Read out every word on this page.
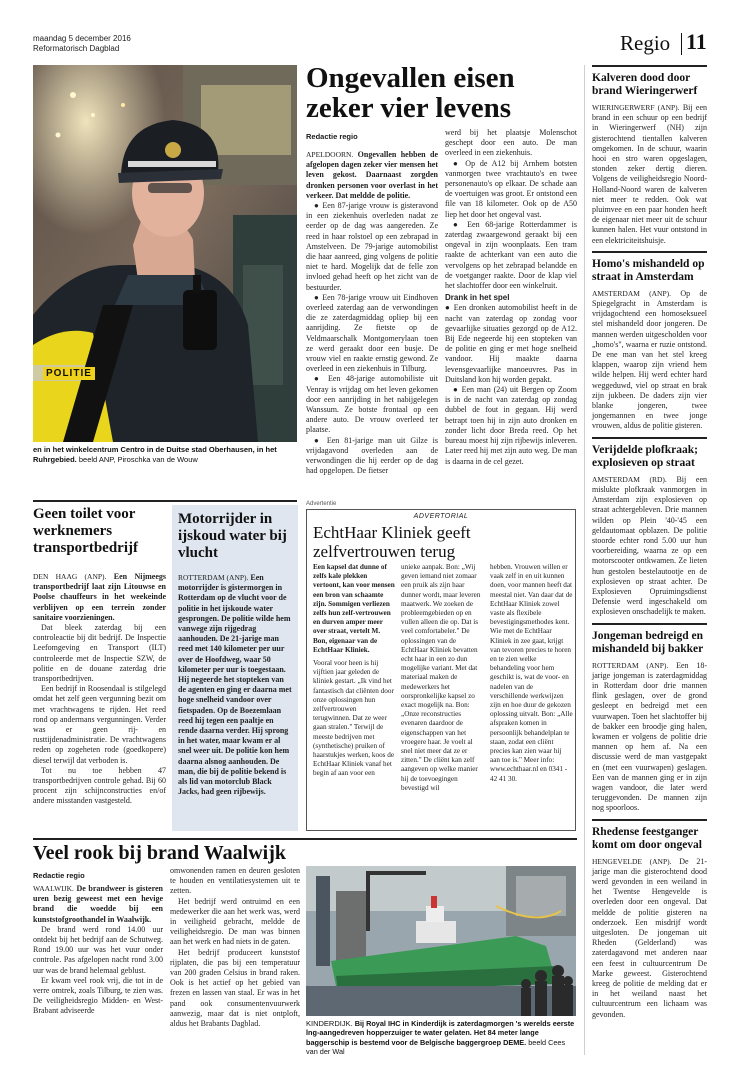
maandag 5 december 2016
Reformatorisch Dagblad	Regio 11
POLITIE
en in het winkelcentrum Centro in de Duitse stad Oberhausen, in het Ruhrgebied. beeld ANP, Piroschka van de Wouw
Ongevallen eisen zeker vier levens
Redactie regio

APELDOORN. Ongevallen hebben de afgelopen dagen zeker vier mensen het leven gekost. Daarnaast zorgden dronken personen voor overlast in het verkeer. Dat meldde de politie.

● Een 87-jarige vrouw is gisteravond in een ziekenhuis overleden nadat ze eerder op de dag was aangereden. Ze reed in haar rolstoel op een zebrapad in Amstelveen. De 79-jarige automobilist die haar aanreed, ging volgens de politie niet te hard. Mogelijk dat de felle zon invloed gehad heeft op het zicht van de bestuurder.

● Een 78-jarige vrouw uit Eindhoven overleed zaterdag aan de verwondingen die ze zaterdagmiddag opliep bij een aanrijding. Ze fietste op de Veldmaarschalk Montgomerylaan toen ze werd geraakt door een busje. De vrouw viel en raakte ernstig gewond. Ze overleed in een ziekenhuis in Tilburg.

● Een 48-jarige automobiliste uit Venray is vrijdag om het leven gekomen door een aanrijding in het nabijgelegen Wanssum. Ze botste frontaal op een andere auto. De vrouw overleed ter plaatse.

● Een 81-jarige man uit Gilze is vrijdagavond overleden aan de verwondingen die hij eerder op de dag had opgelopen. De fietser

werd bij het plaatsje Molenschot geschept door een auto. De man overleed in een ziekenhuis.

● Op de A12 bij Arnhem botsten vanmorgen twee vrachtauto's en twee personenauto's op elkaar. De schade aan de voertuigen was groot. Er ontstond een file van 18 kilometer. Ook op de A50 liep het door het ongeval vast.

● Een 68-jarige Rotterdammer is zaterdag zwaargewond geraakt bij een ongeval in zijn woonplaats. Een tram raakte de achterkant van een auto die vervolgens op het zebrapad belandde en de voetganger raakte. Door de klap viel het slachtoffer door een winkelruit.

Drank in het spel

● Een dronken automobilist heeft in de nacht van zaterdag op zondag voor gevaarlijke situaties gezorgd op de A12. Bij Ede negeerde hij een stopteken van de politie en ging er met hoge snelheid vandoor. Hij maakte daarna levensgevaarlijke manoeuvres. Pas in Duitsland kon hij worden gepakt.

● Een man (24) uit Bergen op Zoom is in de nacht van zaterdag op zondag dubbel de fout in gegaan. Hij werd betrapt toen hij in zijn auto dronken en zonder licht door Breda reed. Op het bureau moest hij zijn rijbewijs inleveren. Later reed hij met zijn auto weg. De man is daarna in de cel gezet.

Kalveren dood door brand Wieringerwerf
WIERINGERWERF (ANP). Bij een brand in een schuur op een bedrijf in Wieringerwerf (NH) zijn gisterochtend tientallen kalveren omgekomen. In de schuur, waarin hooi en stro waren opgeslagen, stonden zeker dertig dieren. Volgens de veiligheidsregio Noord-Holland-Noord waren de kalveren niet meer te redden. Ook wat pluimvee en een paar honden heeft de eigenaar niet meer uit de schuur kunnen halen. Het vuur ontstond in een elektriciteitshuisje.
Homo's mishandeld op straat in Amsterdam
AMSTERDAM (ANP). Op de Spiegelgracht in Amsterdam is vrijdagochtend een homoseksueel stel mishandeld door jongeren. De mannen werden uitgescholden voor „homo's", waarna er ruzie ontstond. De ene man van het stel kreeg klappen, waarop zijn vriend hem wilde helpen. Hij werd echter hard weggeduwd, viel op straat en brak zijn jukbeen. De daders zijn vier blanke jongeren, twee jongemannen en twee jonge vrouwen, aldus de politie gisteren.
Verijdelde plofkraak; explosieven op straat
AMSTERDAM (RD). Bij een mislukte plofkraak vanmorgen in Amsterdam zijn explosieven op straat achtergebleven. Drie mannen wilden op Plein '40-'45 een geldautomaat opblazen. De politie stoorde echter rond 5.00 uur hun voorbereiding, waarna ze op een motorscooter ontkwamen. Ze lieten hun gestolen bestelautootje en de explosieven op straat achter. De Explosieven Opruimingsdienst Defensie werd ingeschakeld om explosieven onschadelijk te maken.
Jongeman bedreigd en mishandeld bij bakker
ROTTERDAM (ANP). Een 18-jarige jongeman is zaterdagmiddag in Rotterdam door drie mannen flink geslagen, over de grond gesleept en bedreigd met een vuurwapen. Toen het slachtoffer bij de bakker een broodje ging halen, kwamen er volgens de politie drie mannen op hem af. Na een discussie werd de man vastgepakt en (met een vuurwapen) geslagen. Een van de mannen ging er in zijn wagen vandoor, die later werd teruggevonden. De mannen zijn nog spoorloos.
Rhedense feestganger komt om door ongeval
HENGEVELDE (ANP). De 21-jarige man die gisterochtend dood werd gevonden in een weiland in het Twentse Hengevelde is overleden door een ongeval. Dat meldde de politie gisteren na onderzoek. Een misdrijf wordt uitgesloten. De jongeman uit Rheden (Gelderland) was zaterdagavond met anderen naar een feest in cultuurcentrum De Marke geweest. Gisterochtend kreeg de politie de melding dat er in het weiland naast het cultuurcentrum een lichaam was gevonden.
Geen toilet voor werknemers transportbedrijf

DEN HAAG (ANP). Een Nijmeegs transportbedrijf laat zijn Litouwse en Poolse chauffeurs in het weekeinde verblijven op een terrein zonder sanitaire voorzieningen.

Dat bleek zaterdag bij een controleactie bij dit bedrijf. De Inspectie Leefomgeving en Transport (ILT) controleerde met de Inspectie SZW, de politie en de douane zaterdag drie transportbedrijven.

Een bedrijf in Roosendaal is stilgelegd omdat het zelf geen vergunning bezit om met vrachtwagens te rijden. Het reed rond op andermans vergunningen. Verder was er geen rij- en rusttijdenadministratie. De vrachtwagens reden op zogeheten rode (goedkopere) diesel terwijl dat verboden is.

Tot nu toe hebben 47 transportbedrijven controle gehad. Bij 60 procent zijn schijnconstructies en/of andere misstanden vastgesteld.

Motorrijder in ijskoud water bij vlucht
ROTTERDAM (ANP). Een motorrijder is gistermorgen in Rotterdam op de vlucht voor de politie in het ijskoude water gesprongen. De politie wilde hem vanwege zijn rijgedrag aanhouden. De 21-jarige man reed met 140 kilometer per uur over de Hoofdweg, waar 50 kilometer per uur is toegestaan. Hij negeerde het stopteken van de agenten en ging er daarna met hoge snelheid vandoor over fietspaden. Op de Boezemlaan reed hij tegen een paaltje en rende daarna verder. Hij sprong in het water, maar kwam er al snel weer uit. De politie kon hem daarna alsnog aanhouden. De man, die bij de politie bekend is als lid van motorclub Black Jacks, had geen rijbewijs.
Advertentie
ADVERTORIAL
EchtHaar Kliniek geeft zelfvertrouwen terug

Een kapsel dat dunne of zelfs kale plekken vertoont, kan voor mensen een bron van schaamte zijn. Sommigen verliezen zelfs hun zelf-vertrouwen en durven amper meer over straat, vertelt M. Bon, eigenaar van de EchtHaar Kliniek.

Vooral voor heen is hij vijftien jaar geleden de kliniek gestart. „Ik vind het fantastisch dat cliënten door onze oplossingen hun zelfvertrouwen terugwinnen. Dat ze weer gaan stralen." Terwijl de meeste bedrijven met (synthetische) pruiken of haarstukjes werken, koos de EchtHaar Kliniek vanaf het begin af aan voor een

unieke aanpak. Bon: „Wij geven iemand niet zomaar een pruik als zijn haar dunner wordt, maar leveren maatwerk. We zoeken de probleemgebieden op en vullen alleen die op. Dat is veel comfortabeler." De oplossingen van de EchtHaar Kliniek bevatten echt haar in een zo dun mogelijke variant. Met dat materiaal maken de medewerkers het oorspronkelijke kapsel zo exact mogelijk na. Bon: „Onze reconstructies evenaren daardoor de eigenschappen van het vroegere haar. Je voelt al snel niet meer dat ze er zitten." De cliënt kan zelf aangeven op welke manier hij de toevoegingen bevestigd wil
hebben. Vrouwen willen er vaak zelf in en uit kunnen doen, voor mannen heeft dat meestal niet. Van daar dat de EchtHaar Kliniek zowel vaste als flexibele bevestigingsmethodes kent. Wie met de EchtHaar Kliniek in zee gaat, krijgt van tevoren precies te horen en te zien welke behandeling voor hem geschikt is, wat de voor- en nadelen van de verschillende werkwijzen zijn en hoe duur de gekozen oplossing uitvalt. Bon: „Alle afspraken komen in persoonlijk behandelplan te staan, zodat een cliënt precies kan zien waar hij aan toe is." Meer info: www.echthaar.nl en 0341 - 42 41 30.
Veel rook bij brand Waalwijk
Redactie regio

WAALWIJK. De brandweer is gisteren uren bezig geweest met een hevige brand die woedde bij een kunststofgroothandel in Waalwijk.

De brand werd rond 14.00 uur ontdekt bij het bedrijf aan de Schutweg. Rond 19.00 uur was het vuur onder controle. Pas afgelopen nacht rond 3.00 uur was de brand helemaal geblust.

Er kwam veel rook vrij, die tot in de verre omtrek, zoals Tilburg, te zien was. De veiligheidsregio Midden- en West-Brabant adviseerde

omwonenden ramen en deuren gesloten te houden en ventilatiesystemen uit te zetten.

Het bedrijf werd ontruimd en een medewerker die aan het werk was, werd in veiligheid gebracht, meldde de veiligheidsregio. De man was binnen aan het werk en had niets in de gaten.

Het bedrijf produceert kunststof rijplaten, die pas bij een temperatuur van 200 graden Celsius in brand raken. Ook is het actief op het gebied van frezen en lassen van staal. Er was in het pand ook consumentenvuurwerk aanwezig, maar dat is niet ontploft, aldus het Brabants Dagblad.	KINDERDIJK. Bij Royal IHC in Kinderdijk is zaterdagmorgen 's werelds eerste lng-aangedreven hopperzuiger te water gelaten. Het 84 meter lange baggerschip is bestemd voor de Belgische baggergroep DEME. beeld Cees van der Wal
